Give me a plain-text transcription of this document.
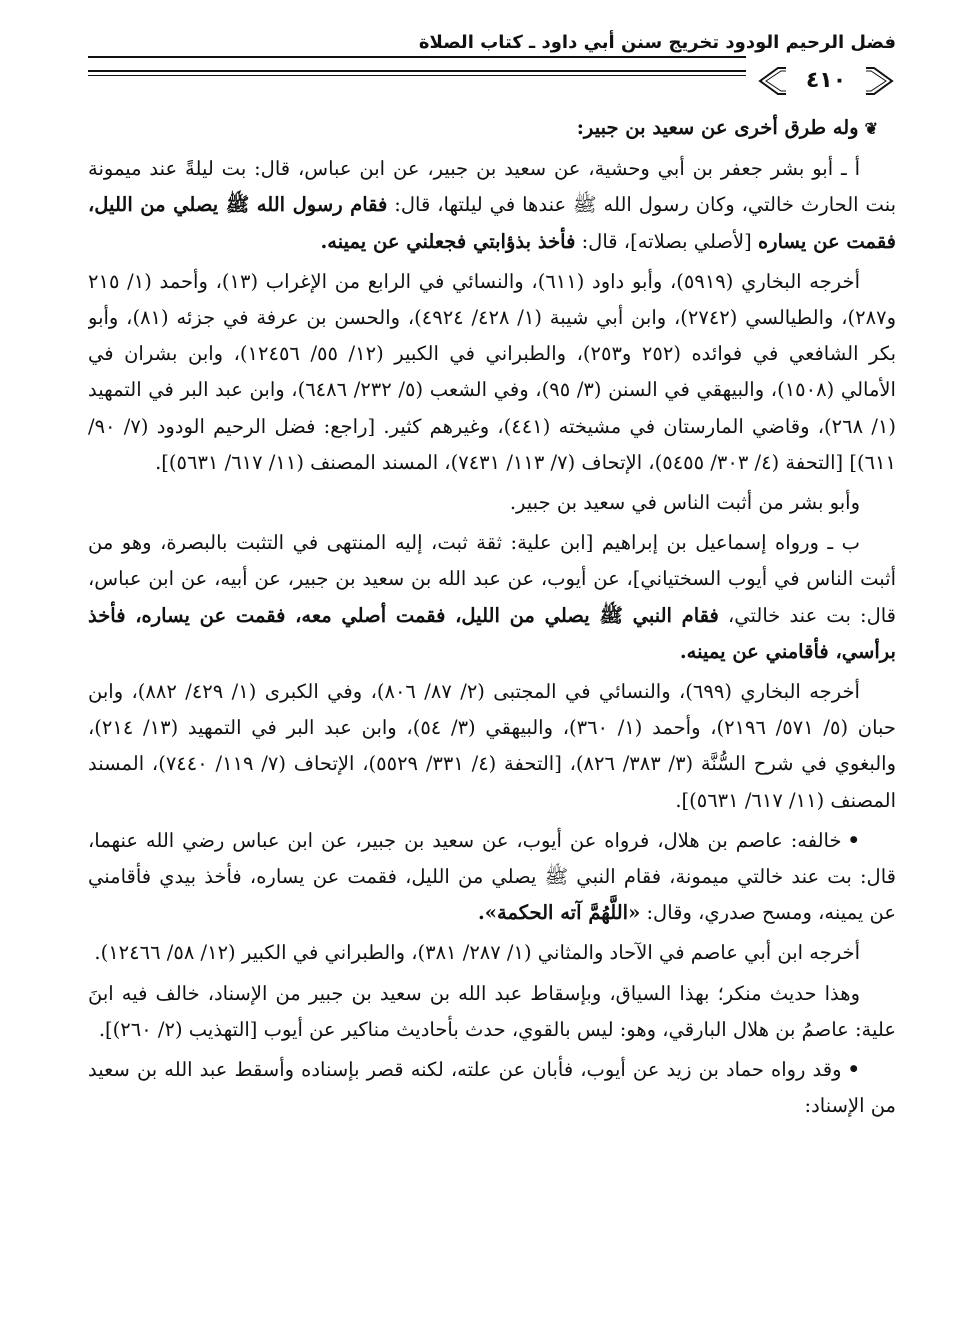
فضل الرحيم الودود تخريج سنن أبي داود ـ كتاب الصلاة
٤١٠

❦وله طرق أخرى عن سعيد بن جبير:

أ ـ أبو بشر جعفر بن أبي وحشية، عن سعيد بن جبير، عن ابن عباس، قال: بت ليلةً عند ميمونة بنت الحارث خالتي، وكان رسول الله ﷺ عندها في ليلتها، قال: فقام رسول الله ﷺ يصلي من الليل، فقمت عن يساره [لأصلي بصلاته]، قال: فأخذ بذؤابتي فجعلني عن يمينه.

أخرجه البخاري (٥٩١٩)، وأبو داود (٦١١)، والنسائي في الرابع من الإغراب (١٣)، وأحمد (١/ ٢١٥ و٢٨٧)، والطيالسي (٢٧٤٢)، وابن أبي شيبة (١/ ٤٢٨/ ٤٩٢٤)، والحسن بن عرفة في جزئه (٨١)، وأبو بكر الشافعي في فوائده (٢٥٢ و٢٥٣)، والطبراني في الكبير (١٢/ ٥٥/ ١٢٤٥٦)، وابن بشران في الأمالي (١٥٠٨)، والبيهقي في السنن (٣/ ٩٥)، وفي الشعب (٥/ ٢٣٢/ ٦٤٨٦)، وابن عبد البر في التمهيد (١/ ٢٦٨)، وقاضي المارستان في مشيخته (٤٤١)، وغيرهم كثير. [راجع: فضل الرحيم الودود (٧/ ٩٠/ ٦١١)] [التحفة (٤/ ٣٠٣/ ٥٤٥٥)، الإتحاف (٧/ ١١٣/ ٧٤٣١)، المسند المصنف (١١/ ٦١٧/ ٥٦٣١)].

وأبو بشر من أثبت الناس في سعيد بن جبير.

ب ـ ورواه إسماعيل بن إبراهيم [ابن علية: ثقة ثبت، إليه المنتهى في التثبت بالبصرة، وهو من أثبت الناس في أيوب السختياني]، عن أيوب، عن عبد الله بن سعيد بن جبير، عن أبيه، عن ابن عباس، قال: بت عند خالتي، فقام النبي ﷺ يصلي من الليل، فقمت أصلي معه، فقمت عن يساره، فأخذ برأسي، فأقامني عن يمينه.

أخرجه البخاري (٦٩٩)، والنسائي في المجتبى (٢/ ٨٧/ ٨٠٦)، وفي الكبرى (١/ ٤٢٩/ ٨٨٢)، وابن حبان (٥/ ٥٧١/ ٢١٩٦)، وأحمد (١/ ٣٦٠)، والبيهقي (٣/ ٥٤)، وابن عبد البر في التمهيد (١٣/ ٢١٤)، والبغوي في شرح السُّنَّة (٣/ ٣٨٣/ ٨٢٦)، [التحفة (٤/ ٣٣١/ ٥٥٢٩)، الإتحاف (٧/ ١١٩/ ٧٤٤٠)، المسند المصنف (١١/ ٦١٧/ ٥٦٣١)].

•خالفه: عاصم بن هلال، فرواه عن أيوب، عن سعيد بن جبير، عن ابن عباس رضي الله عنهما، قال: بت عند خالتي ميمونة، فقام النبي ﷺ يصلي من الليل، فقمت عن يساره، فأخذ بيدي فأقامني عن يمينه، ومسح صدري، وقال: «اللَّهُمَّ آته الحكمة».

أخرجه ابن أبي عاصم في الآحاد والمثاني (١/ ٢٨٧/ ٣٨١)، والطبراني في الكبير (١٢/ ٥٨/ ١٢٤٦٦).

وهذا حديث منكر؛ بهذا السياق، وبإسقاط عبد الله بن سعيد بن جبير من الإسناد، خالف فيه ابنَ علية: عاصمُ بن هلال البارقي، وهو: ليس بالقوي، حدث بأحاديث مناكير عن أيوب [التهذيب (٢/ ٢٦٠)].

•وقد رواه حماد بن زيد عن أيوب، فأبان عن علته، لكنه قصر بإسناده وأسقط عبد الله بن سعيد من الإسناد:
